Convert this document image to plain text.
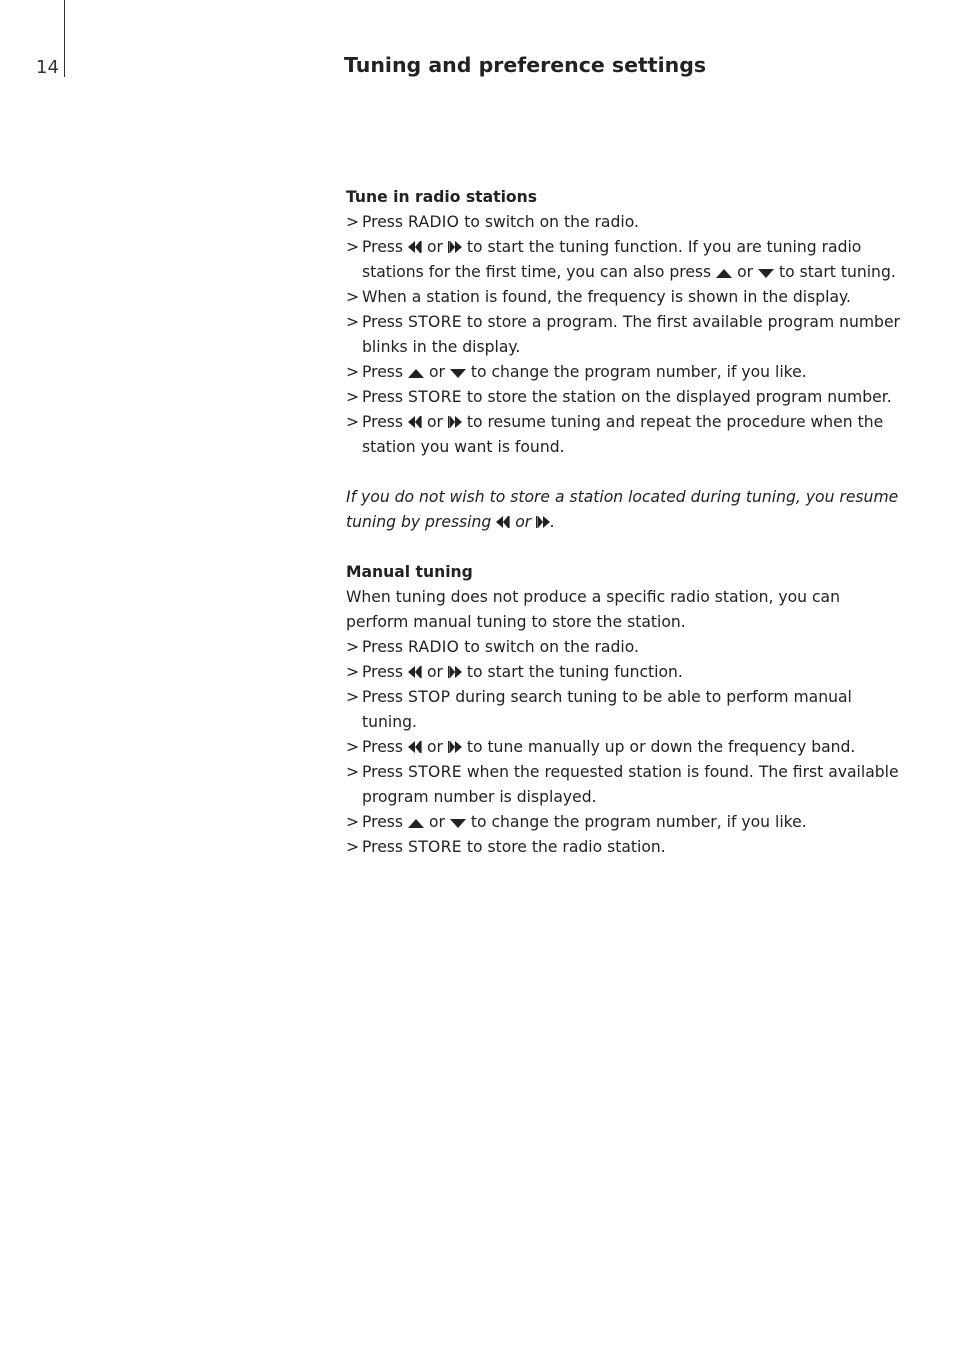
14	Tuning and preference settings
Tune in radio stations
> Press RADIO to switch on the radio.
> Press  or  to start the tuning function. If you are tuning radio stations for the first time, you can also press  or  to start tuning.
> When a station is found, the frequency is shown in the display.
> Press STORE to store a program. The first available program number blinks in the display.
> Press  or  to change the program number, if you like.
> Press STORE to store the station on the displayed program number.
> Press  or  to resume tuning and repeat the procedure when the station you want is found.
If you do not wish to store a station located during tuning, you resume tuning by pressing  or .
Manual tuning
When tuning does not produce a specific radio station, you can perform manual tuning to store the station.
> Press RADIO to switch on the radio.
> Press  or  to start the tuning function.
> Press STOP during search tuning to be able to perform manual tuning.
> Press  or  to tune manually up or down the frequency band.
> Press STORE when the requested station is found. The first available program number is displayed.
> Press  or  to change the program number, if you like.
> Press STORE to store the radio station.
